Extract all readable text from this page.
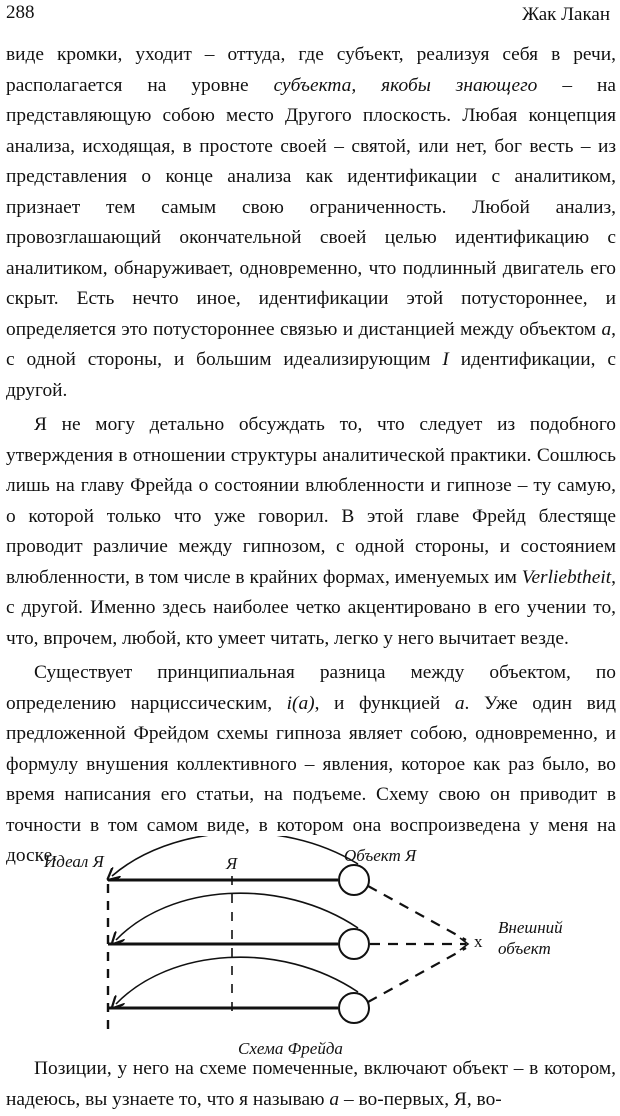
288	Жак Лакан

виде кромки, уходит – оттуда, где субъект, реализуя себя в речи, располагается на уровне субъекта, якобы знающего – на представляющую собою место Другого плоскость. Любая концепция анализа, исходящая, в простоте своей – святой, или нет, бог весть – из представления о конце анализа как идентификации с аналитиком, признает тем самым свою ограниченность. Любой анализ, провозглашающий окончательной своей целью идентификацию с аналитиком, обнаруживает, одновременно, что подлинный двигатель его скрыт. Есть нечто иное, идентификации этой потустороннее, и определяется это потустороннее связью и дистанцией между объектом а, с одной стороны, и большим идеализирующим I идентификации, с другой.

Я не могу детально обсуждать то, что следует из подобного утверждения в отношении структуры аналитической практики. Сошлюсь лишь на главу Фрейда о состоянии влюбленности и гипнозе – ту самую, о которой только что уже говорил. В этой главе Фрейд блестяще проводит различие между гипнозом, с одной стороны, и состоянием влюбленности, в том числе в крайних формах, именуемых им Verliebtheit, с другой. Именно здесь наиболее четко акцентировано в его учении то, что, впрочем, любой, кто умеет читать, легко у него вычитает везде.

Существует принципиальная разница между объектом, по определению нарциссическим, i(a), и функцией а. Уже один вид предложенной Фрейдом схемы гипноза являет собою, одновременно, и формулу внушения коллективного – явления, которое как раз было, во время написания его статьи, на подъеме. Схему свою он приводит в точности в том самом виде, в котором она воспроизведена у меня на доске.

Идеал Я	Я	Объект Я
x
Внешний
объект
Схема Фрейда

Позиции, у него на схеме помеченные, включают объект – в котором, надеюсь, вы узнаете то, что я называю а – во-первых, Я, во-
